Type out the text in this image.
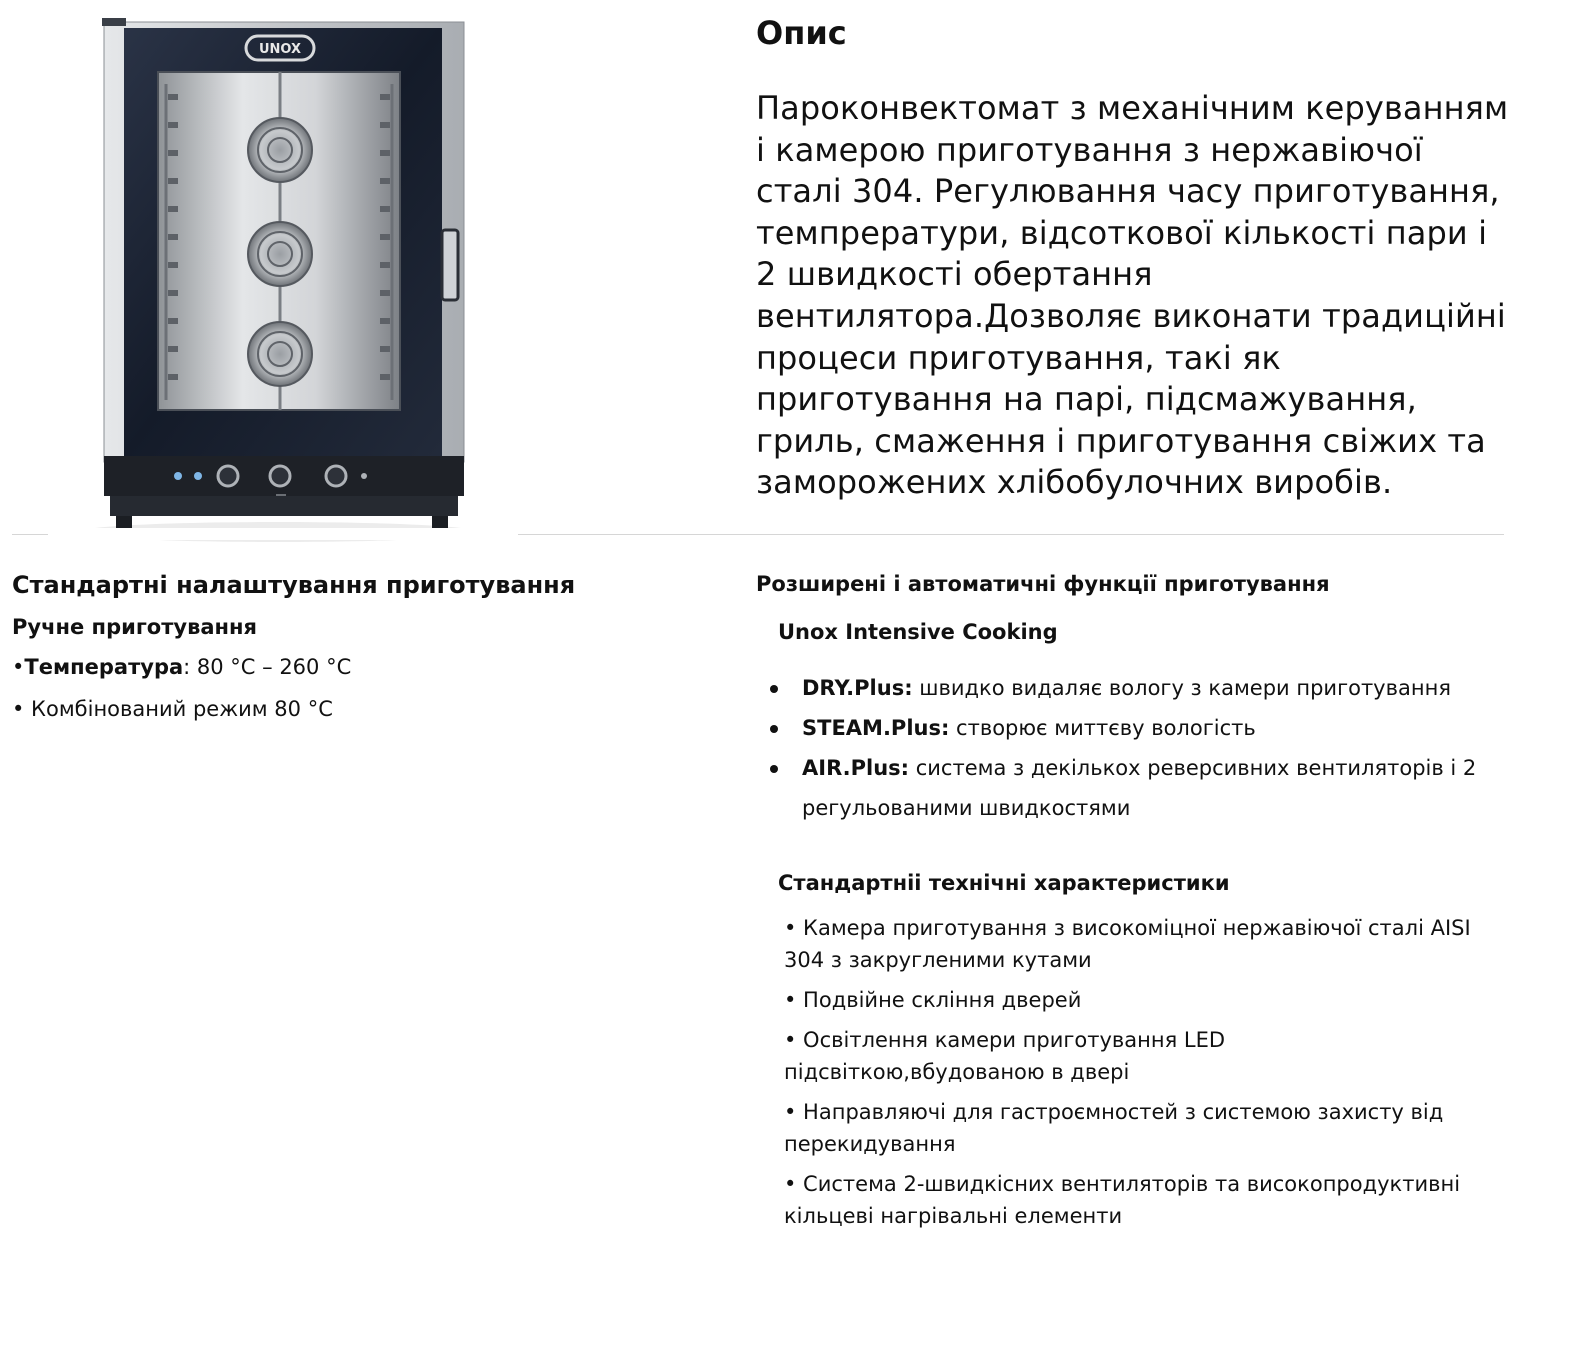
UNOX	Опис

Пароконвектомат з механічним керуванням і камерою приготування з нержавіючої сталі 304. Регулювання часу приготування, темпрератури, відсоткової кількості пари і 2 швидкості обертання вентилятора.Дозволяє виконати традиційні процеси приготування, такі як приготування на парі, підсмажування, гриль, смаження і приготування свіжих та заморожених хлібобулочних виробів.

Стандартні налаштування приготування
Ручне приготування

•Температура: 80 °C – 260 °C

• Комбінований режим 80 °C

Розширені і автоматичні функції приготування
Unox Intensive Cooking
DRY.Plus: швидко видаляє вологу з камери приготування
STEAM.Plus: створює миттєву вологість
AIR.Plus: система з декількох реверсивних вентиляторів і 2 регульованими швидкостями
Стандартніі технічні характеристики
• Камера приготування з високоміцної нержавіючої сталі AISI 304 з закругленими кутами
• Подвійне скління дверей
• Освітлення камери приготування LED підсвіткою,вбудованою в двері
• Направляючі для гастроємностей з системою захисту від перекидування
• Система 2-швидкісних вентиляторів та високопродуктивні кільцеві нагрівальні елементи
